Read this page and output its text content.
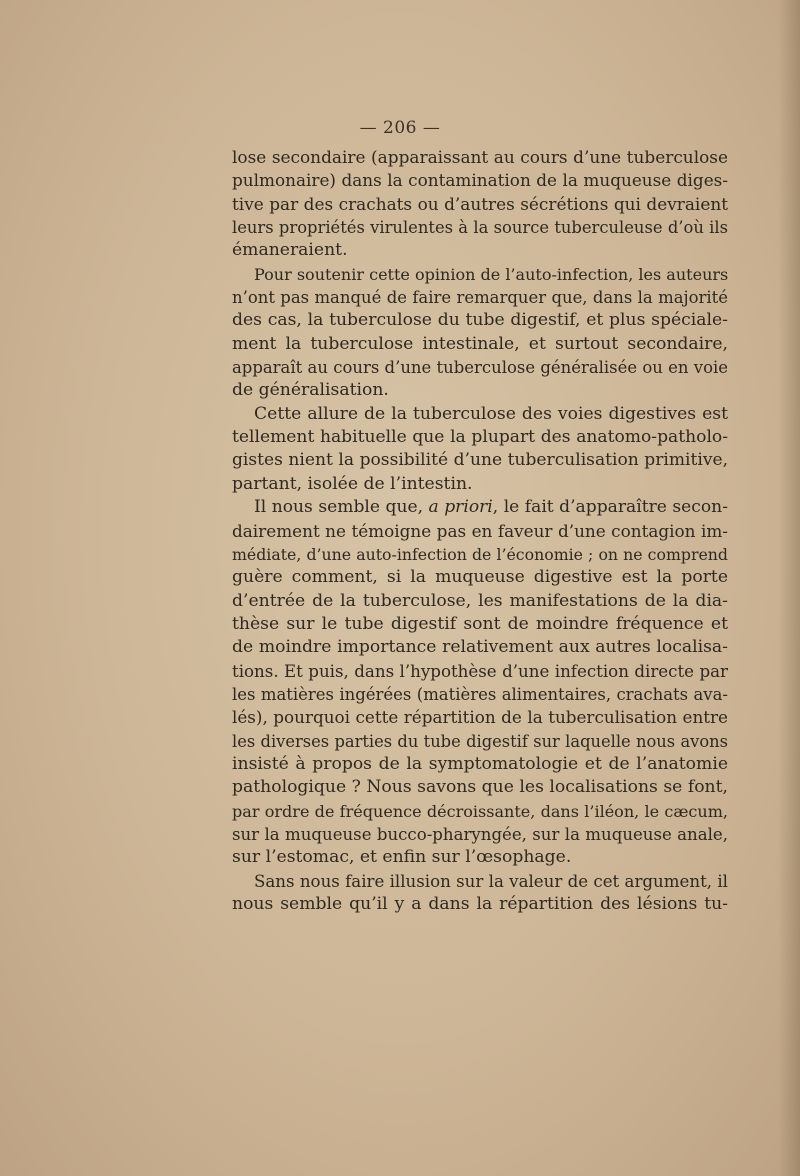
— 206 —
lose secondaire (apparaissant au cours d’une tuberculose
pulmonaire) dans la contamination de la muqueuse diges-
tive par des crachats ou d’autres sécrétions qui devraient
leurs propriétés virulentes à la source tuberculeuse d’où ils
émaneraient.
Pour soutenir cette opinion de l’auto-infection, les auteurs
n’ont pas manqué de faire remarquer que, dans la majorité
des cas, la tuberculose du tube digestif, et plus spéciale-
ment la tuberculose intestinale, et surtout secondaire,
apparaît au cours d’une tuberculose généralisée ou en voie
de généralisation.
Cette allure de la tuberculose des voies digestives est
tellement habituelle que la plupart des anatomo-patholo-
gistes nient la possibilité d’une tuberculisation primitive,
partant, isolée de l’intestin.
Il nous semble que, a priori, le fait d’apparaître secon-
dairement ne témoigne pas en faveur d’une contagion im-
médiate, d’une auto-infection de l’économie ; on ne comprend
guère comment, si la muqueuse digestive est la porte
d’entrée de la tuberculose, les manifestations de la dia-
thèse sur le tube digestif sont de moindre fréquence et
de moindre importance relativement aux autres localisa-
tions. Et puis, dans l’hypothèse d’une infection directe par
les matières ingérées (matières alimentaires, crachats ava-
lés), pourquoi cette répartition de la tuberculisation entre
les diverses parties du tube digestif sur laquelle nous avons
insisté à propos de la symptomatologie et de l’anatomie
pathologique ? Nous savons que les localisations se font,
par ordre de fréquence décroissante, dans l’iléon, le cæcum,
sur la muqueuse bucco-pharyngée, sur la muqueuse anale,
sur l’estomac, et enfin sur l’œsophage.
Sans nous faire illusion sur la valeur de cet argument, il
nous semble qu’il y a dans la répartition des lésions tu-
